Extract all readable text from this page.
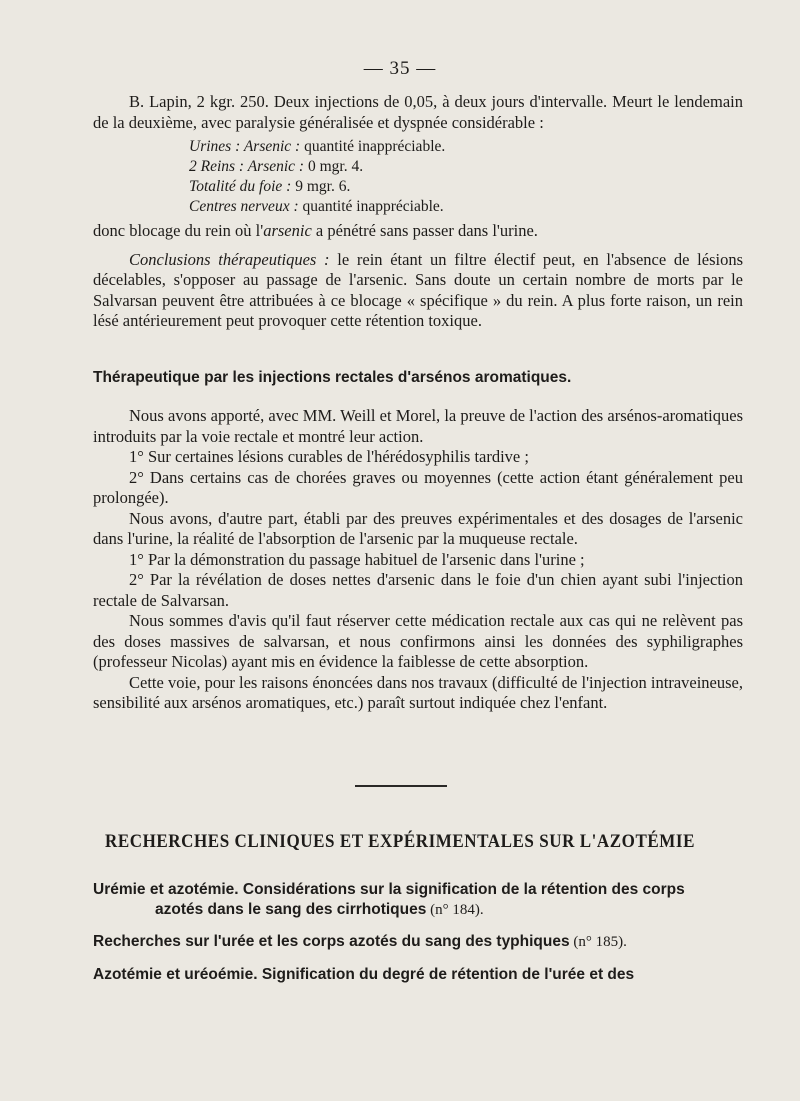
— 35 —

B. Lapin, 2 kgr. 250. Deux injections de 0,05, à deux jours d'intervalle. Meurt le lendemain de la deuxième, avec paralysie généralisée et dyspnée considérable :

Urines : Arsenic : quantité inappréciable.

2 Reins : Arsenic : 0 mgr. 4.

Totalité du foie : 9 mgr. 6.

Centres nerveux : quantité inappréciable.

donc blocage du rein où l'arsenic a pénétré sans passer dans l'urine.

Conclusions thérapeutiques : le rein étant un filtre électif peut, en l'absence de lésions décelables, s'opposer au passage de l'arsenic. Sans doute un certain nombre de morts par le Salvarsan peuvent être attribuées à ce blocage « spécifique » du rein. A plus forte raison, un rein lésé antérieurement peut provoquer cette rétention toxique.

Thérapeutique par les injections rectales d'arsénos aromatiques.

Nous avons apporté, avec MM. Weill et Morel, la preuve de l'action des arsénos-aromatiques introduits par la voie rectale et montré leur action.

1° Sur certaines lésions curables de l'hérédosyphilis tardive ;

2° Dans certains cas de chorées graves ou moyennes (cette action étant généralement peu prolongée).

Nous avons, d'autre part, établi par des preuves expérimentales et des dosages de l'arsenic dans l'urine, la réalité de l'absorption de l'arsenic par la muqueuse rectale.

1° Par la démonstration du passage habituel de l'arsenic dans l'urine ;

2° Par la révélation de doses nettes d'arsenic dans le foie d'un chien ayant subi l'injection rectale de Salvarsan.

Nous sommes d'avis qu'il faut réserver cette médication rectale aux cas qui ne relèvent pas des doses massives de salvarsan, et nous confirmons ainsi les données des syphiligraphes (professeur Nicolas) ayant mis en évidence la faiblesse de cette absorption.

Cette voie, pour les raisons énoncées dans nos travaux (difficulté de l'injection intraveineuse, sensibilité aux arsénos aromatiques, etc.) paraît surtout indiquée chez l'enfant.

RECHERCHES CLINIQUES ET EXPÉRIMENTALES SUR L'AZOTÉMIE

Urémie et azotémie. Considérations sur la signification de la rétention des corps

azotés dans le sang des cirrhotiques (n° 184).

Recherches sur l'urée et les corps azotés du sang des typhiques (n° 185).

Azotémie et uréoémie. Signification du degré de rétention de l'urée et des
